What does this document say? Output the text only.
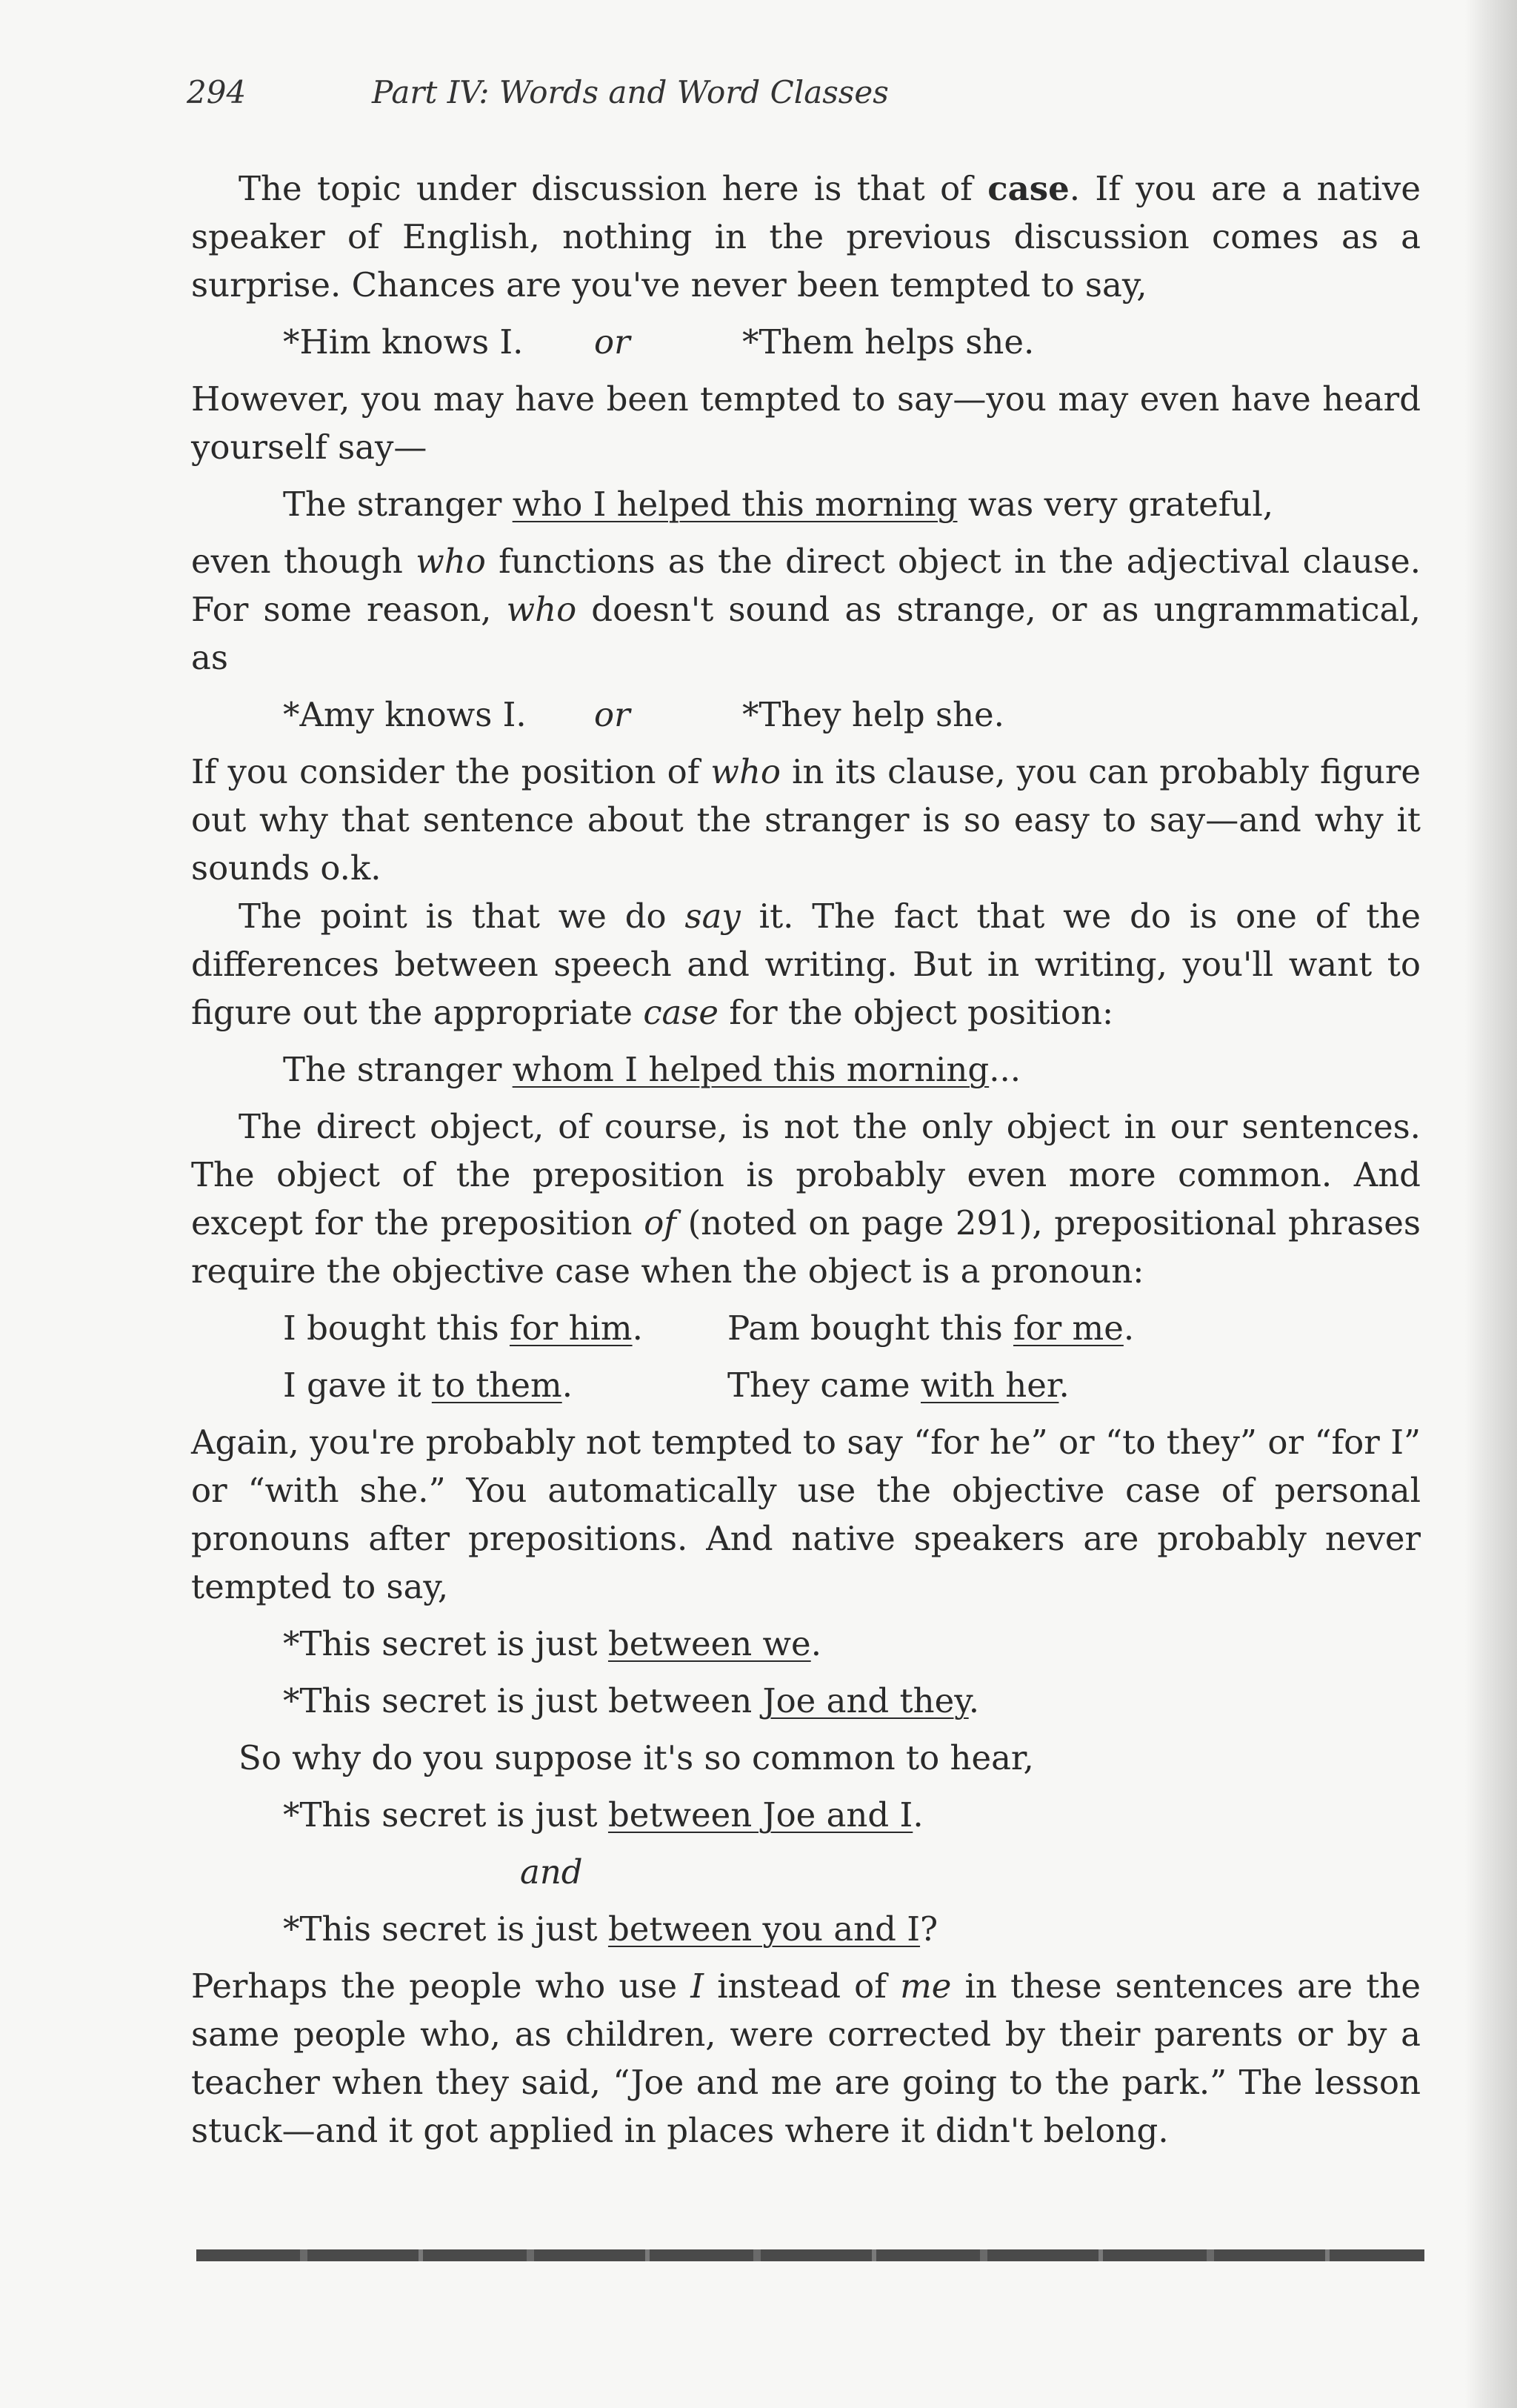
294	Part IV: Words and Word Classes

The topic under discussion here is that of case. If you are a native speaker of English, nothing in the previous discussion comes as a surprise. Chances are you've never been tempted to say,

*Him knows I. or	*Them helps she.

However, you may have been tempted to say—you may even have heard yourself say—

The stranger who I helped this morning was very grateful,

even though who functions as the direct object in the adjectival clause. For some reason, who doesn't sound as strange, or as ungrammatical, as

*Amy knows I. or	*They help she.

If you consider the position of who in its clause, you can probably figure out why that sentence about the stranger is so easy to say—and why it sounds o.k.

The point is that we do say it. The fact that we do is one of the differences between speech and writing. But in writing, you'll want to figure out the appropriate case for the object position:

The stranger whom I helped this morning...

The direct object, of course, is not the only object in our sentences. The object of the preposition is probably even more common. And except for the preposition of (noted on page 291), prepositional phrases require the objective case when the object is a pronoun:

I bought this for him.	Pam bought this for me.
I gave it to them.	They came with her.

Again, you're probably not tempted to say “for he” or “to they” or “for I” or “with she.” You automatically use the objective case of personal pronouns after prepositions. And native speakers are probably never tempted to say,

*This secret is just between we.
*This secret is just between Joe and they.

So why do you suppose it's so common to hear,

*This secret is just between Joe and I.
and
*This secret is just between you and I?

Perhaps the people who use I instead of me in these sentences are the same people who, as children, were corrected by their parents or by a teacher when they said, “Joe and me are going to the park.” The lesson stuck—and it got applied in places where it didn't belong.
